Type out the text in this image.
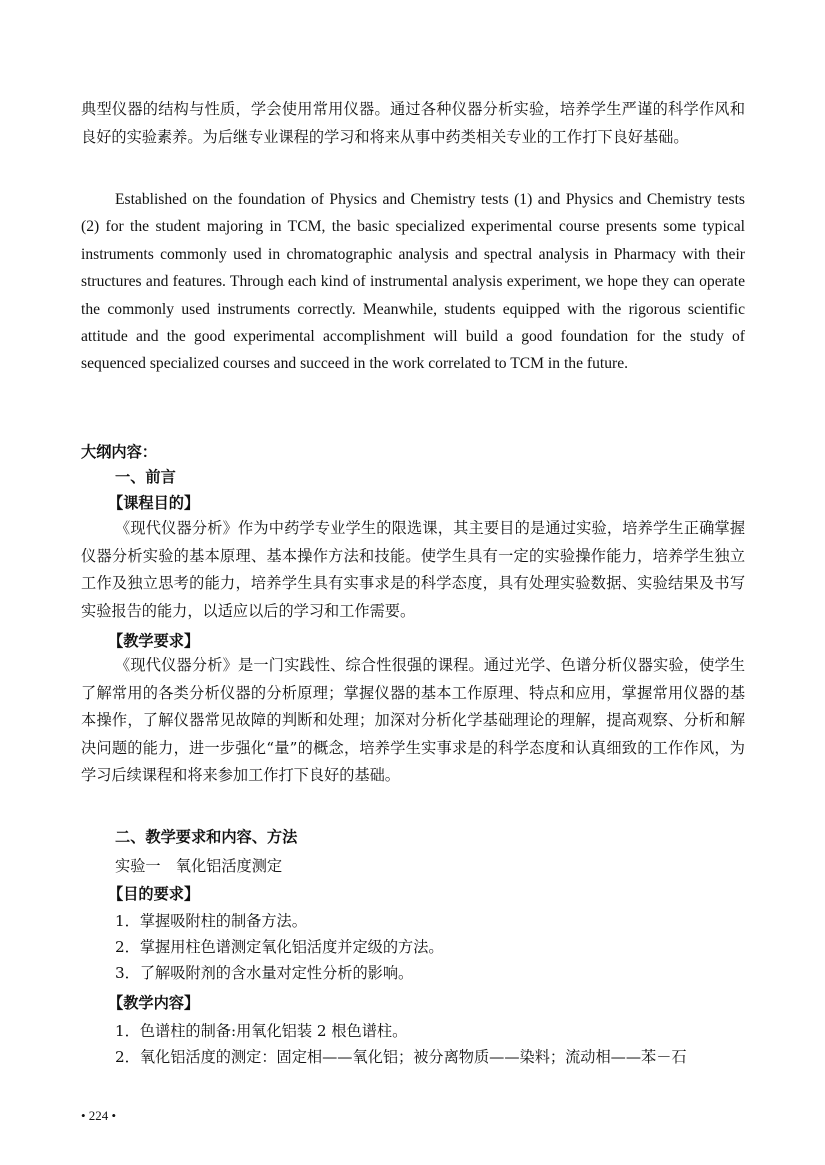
典型仪器的结构与性质，学会使用常用仪器。通过各种仪器分析实验，培养学生严谨的科学作风和良好的实验素养。为后继专业课程的学习和将来从事中药类相关专业的工作打下良好基础。

Established on the foundation of Physics and Chemistry tests (1) and Physics and Chemistry tests (2) for the student majoring in TCM, the basic specialized experimental course presents some typical instruments commonly used in chromatographic analysis and spectral analysis in Pharmacy with their structures and features. Through each kind of instrumental analysis experiment, we hope they can operate the commonly used instruments correctly. Meanwhile, students equipped with the rigorous scientific attitude and the good experimental accomplishment will build a good foundation for the study of sequenced specialized courses and succeed in the work correlated to TCM in the future.

大纲内容：

一、前言

【课程目的】

《现代仪器分析》作为中药学专业学生的限选课，其主要目的是通过实验，培养学生正确掌握仪器分析实验的基本原理、基本操作方法和技能。使学生具有一定的实验操作能力，培养学生独立工作及独立思考的能力，培养学生具有实事求是的科学态度，具有处理实验数据、实验结果及书写实验报告的能力，以适应以后的学习和工作需要。

【教学要求】

《现代仪器分析》是一门实践性、综合性很强的课程。通过光学、色谱分析仪器实验，使学生了解常用的各类分析仪器的分析原理；掌握仪器的基本工作原理、特点和应用，掌握常用仪器的基本操作，了解仪器常见故障的判断和处理；加深对分析化学基础理论的理解，提高观察、分析和解决问题的能力，进一步强化“量”的概念，培养学生实事求是的科学态度和认真细致的工作作风，为学习后续课程和将来参加工作打下良好的基础。

二、教学要求和内容、方法

实验一　氧化铝活度测定

【目的要求】

1．掌握吸附柱的制备方法。

2．掌握用柱色谱测定氧化铝活度并定级的方法。

3．了解吸附剂的含水量对定性分析的影响。

【教学内容】

1．色谱柱的制备:用氧化铝装 2 根色谱柱。

2．氧化铝活度的测定：固定相——氧化铝；被分离物质——染料；流动相——苯－石

• 224 •
